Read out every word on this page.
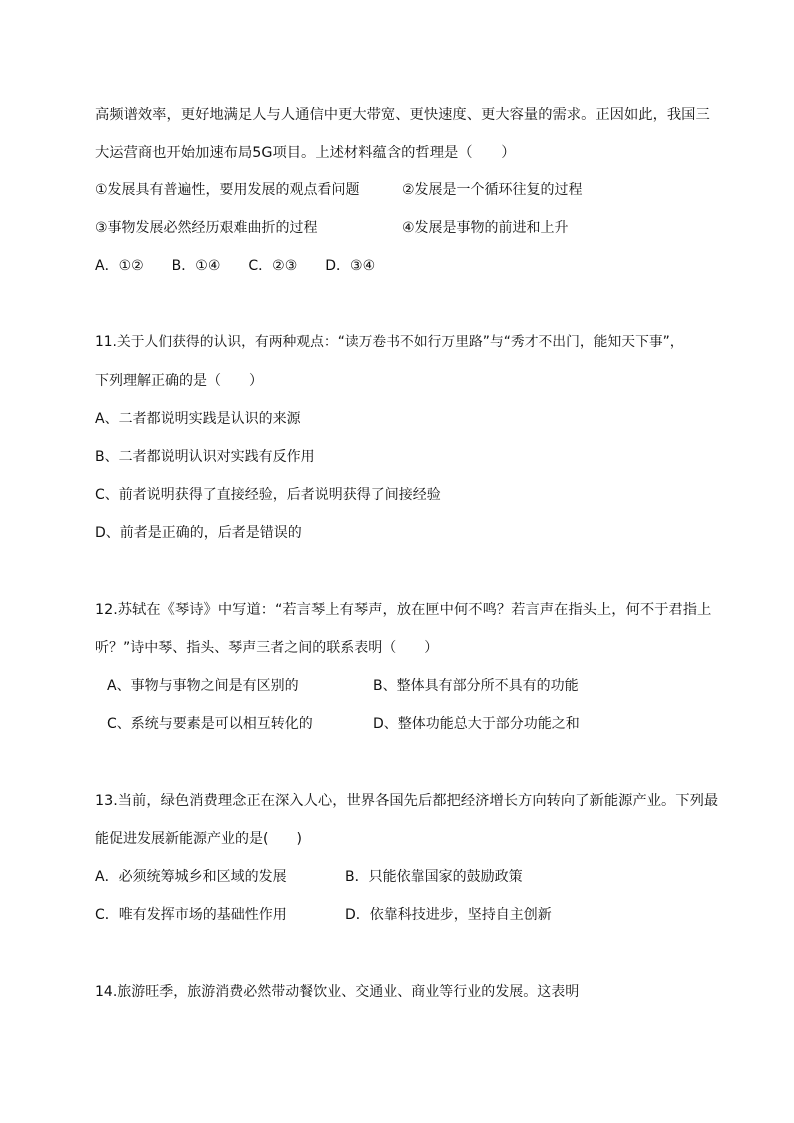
高频谱效率，更好地满足人与人通信中更大带宽、更快速度、更大容量的需求。正因如此，我国三
大运营商也开始加速布局5G项目。上述材料蕴含的哲理是（　　）
①发展具有普遍性，要用发展的观点看问题	②发展是一个循环往复的过程
③事物发展必然经历艰难曲折的过程	④发展是事物的前进和上升
A．①②　　B．①④　　C．②③　　D．③④
11.关于人们获得的认识，有两种观点：“读万卷书不如行万里路”与“秀才不出门，能知天下事”，
下列理解正确的是（　　）
A、二者都说明实践是认识的来源
B、二者都说明认识对实践有反作用
C、前者说明获得了直接经验，后者说明获得了间接经验
D、前者是正确的，后者是错误的
12.苏轼在《琴诗》中写道：“若言琴上有琴声，放在匣中何不鸣？若言声在指头上，何不于君指上
听？”诗中琴、指头、琴声三者之间的联系表明（　　）
A、事物与事物之间是有区别的	B、整体具有部分所不具有的功能
C、系统与要素是可以相互转化的	D、整体功能总大于部分功能之和
13.当前，绿色消费理念正在深入人心，世界各国先后都把经济增长方向转向了新能源产业。下列最
能促进发展新能源产业的是(　　)
A．必须统筹城乡和区域的发展	B．只能依靠国家的鼓励政策
C．唯有发挥市场的基础性作用	D．依靠科技进步，坚持自主创新
14.旅游旺季，旅游消费必然带动餐饮业、交通业、商业等行业的发展。这表明
